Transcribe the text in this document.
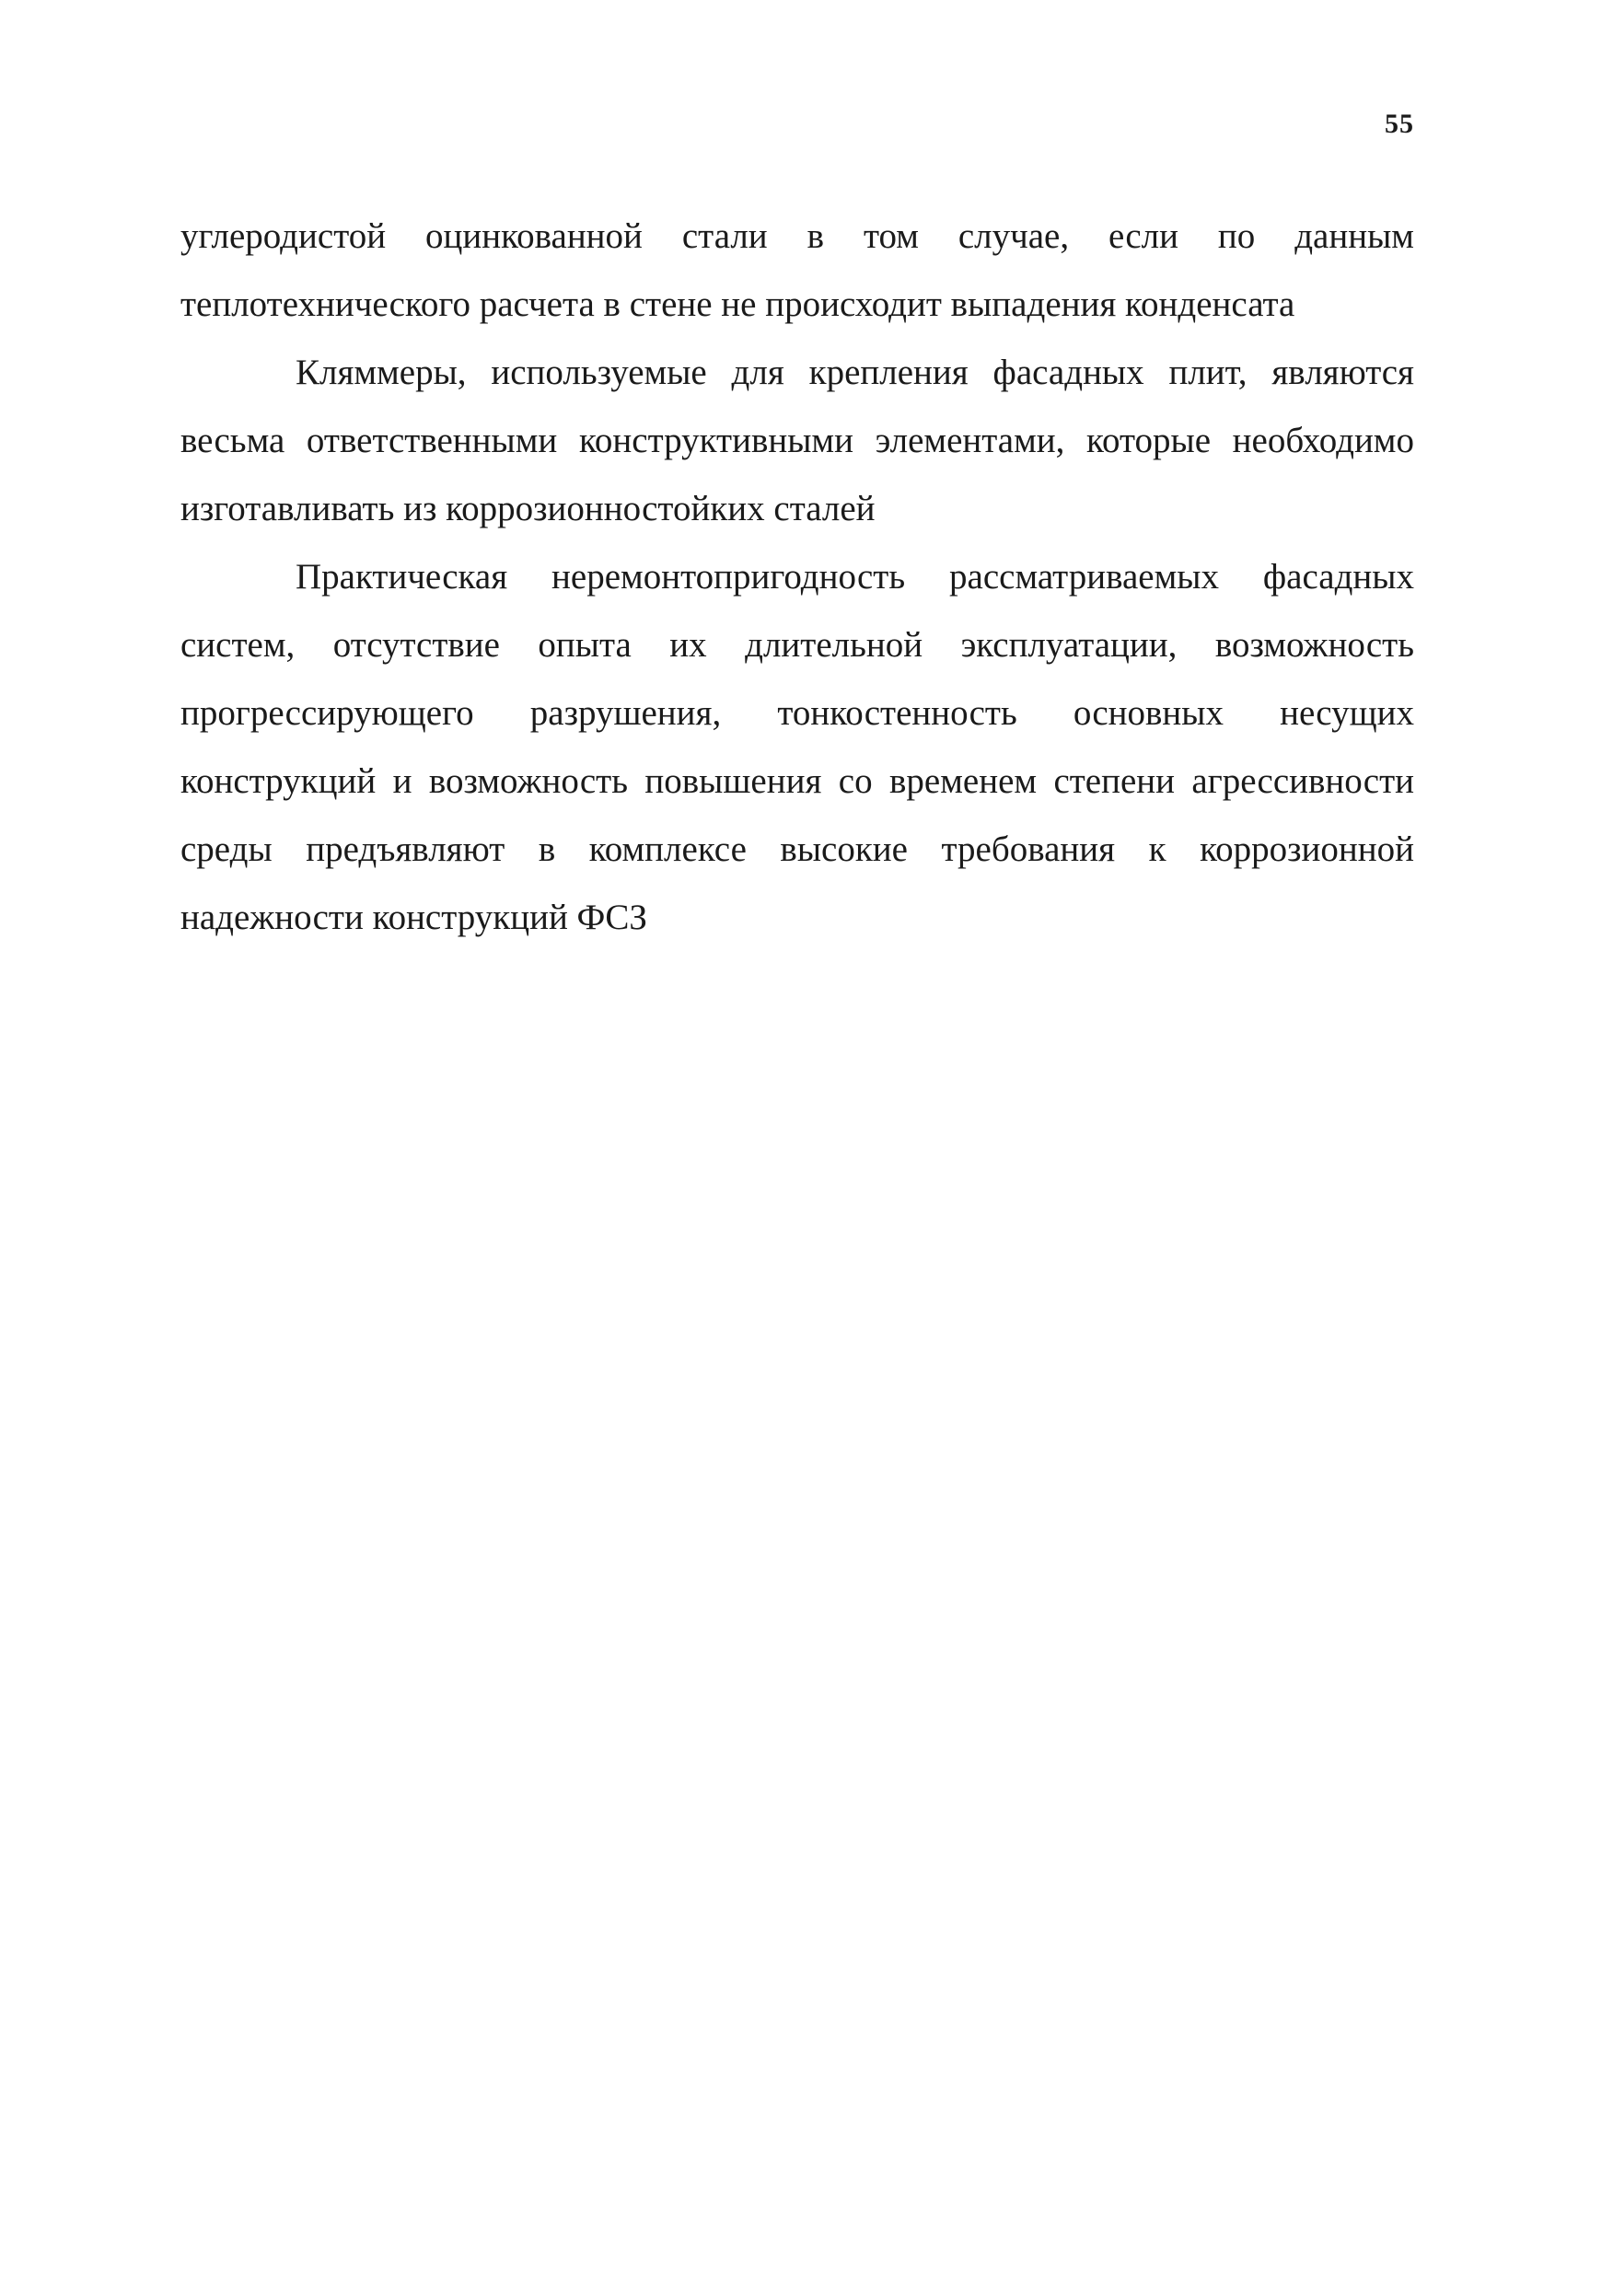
55

углеродистой оцинкованной стали в том случае, если по данным теплотехнического расчета в стене не происходит выпадения конденсата

Кляммеры, используемые для крепления фасадных плит, являются весьма ответственными конструктивными элементами, которые необходимо изготавливать из коррозионностойких сталей

Практическая неремонтопригодность рассматриваемых фасадных систем, отсутствие опыта их длительной эксплуатации, возможность прогрессирующего разрушения, тонкостенность основных несущих конструкций и возможность повышения со временем степени агрессивности среды предъявляют в комплексе высокие требования к коррозионной надежности конструкций ФСЗ
